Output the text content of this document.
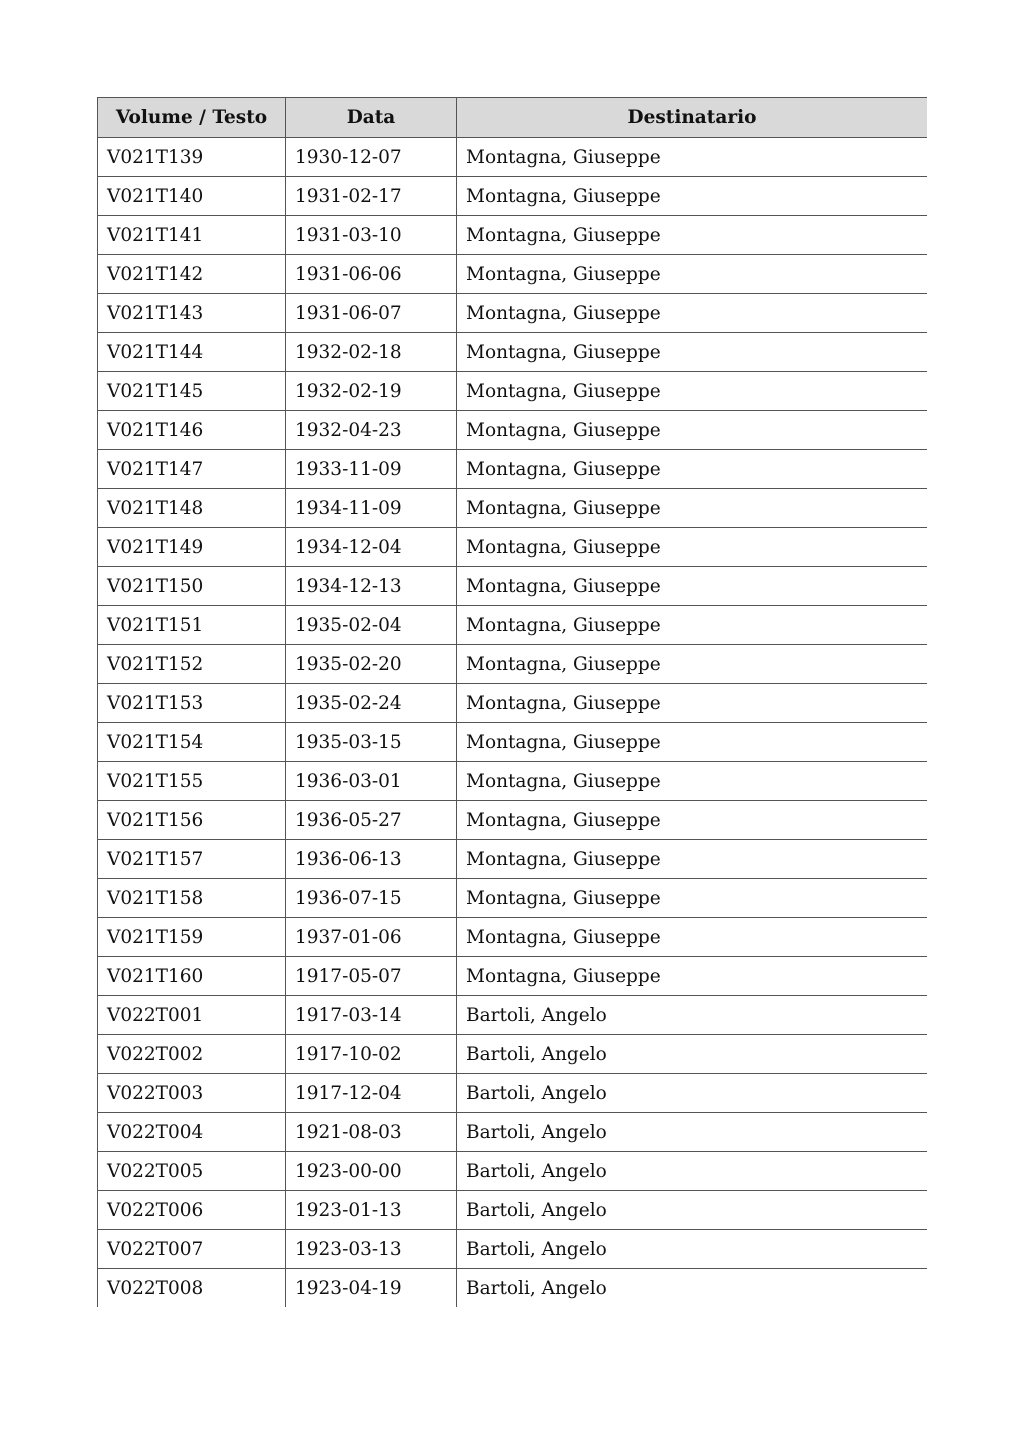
Volume / Testo	Data	Destinatario
V021T139	1930-12-07	Montagna, Giuseppe
V021T140	1931-02-17	Montagna, Giuseppe
V021T141	1931-03-10	Montagna, Giuseppe
V021T142	1931-06-06	Montagna, Giuseppe
V021T143	1931-06-07	Montagna, Giuseppe
V021T144	1932-02-18	Montagna, Giuseppe
V021T145	1932-02-19	Montagna, Giuseppe
V021T146	1932-04-23	Montagna, Giuseppe
V021T147	1933-11-09	Montagna, Giuseppe
V021T148	1934-11-09	Montagna, Giuseppe
V021T149	1934-12-04	Montagna, Giuseppe
V021T150	1934-12-13	Montagna, Giuseppe
V021T151	1935-02-04	Montagna, Giuseppe
V021T152	1935-02-20	Montagna, Giuseppe
V021T153	1935-02-24	Montagna, Giuseppe
V021T154	1935-03-15	Montagna, Giuseppe
V021T155	1936-03-01	Montagna, Giuseppe
V021T156	1936-05-27	Montagna, Giuseppe
V021T157	1936-06-13	Montagna, Giuseppe
V021T158	1936-07-15	Montagna, Giuseppe
V021T159	1937-01-06	Montagna, Giuseppe
V021T160	1917-05-07	Montagna, Giuseppe
V022T001	1917-03-14	Bartoli, Angelo
V022T002	1917-10-02	Bartoli, Angelo
V022T003	1917-12-04	Bartoli, Angelo
V022T004	1921-08-03	Bartoli, Angelo
V022T005	1923-00-00	Bartoli, Angelo
V022T006	1923-01-13	Bartoli, Angelo
V022T007	1923-03-13	Bartoli, Angelo
V022T008	1923-04-19	Bartoli, Angelo
